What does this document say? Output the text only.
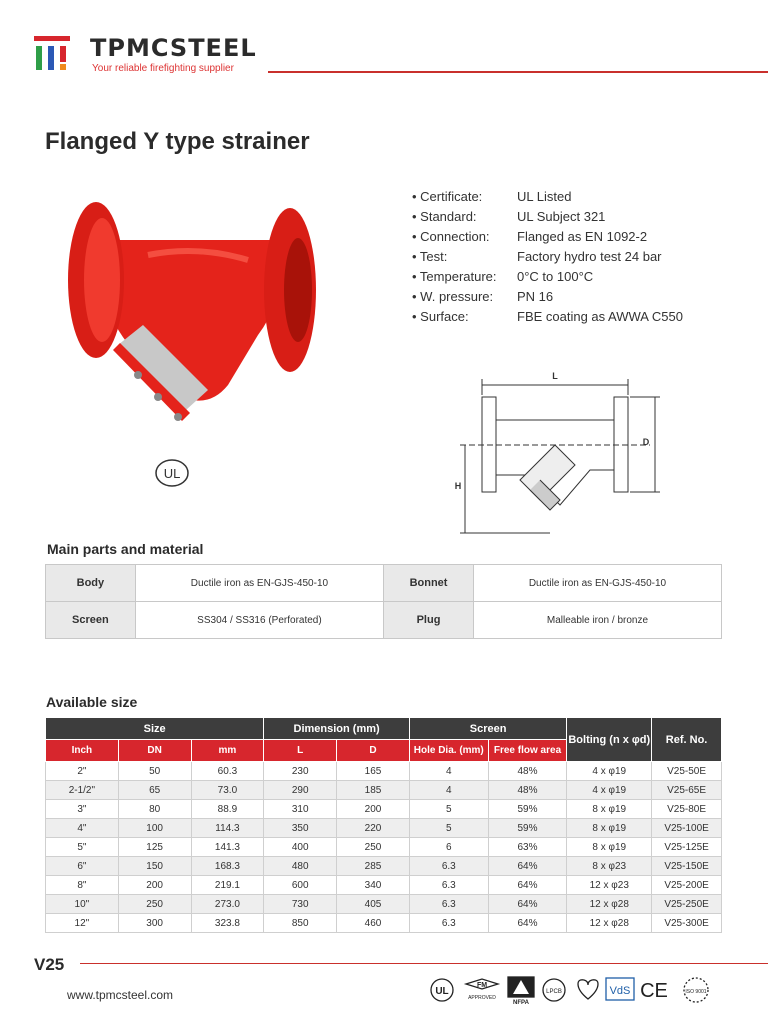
TPMCSTEEL
Your reliable firefighting supplier
Flanged Y type strainer
UL
• Certificate:	UL Listed
• Standard:	UL Subject 321
• Connection:	Flanged as EN 1092-2
• Test:	Factory hydro test 24 bar
• Temperature:	0°C to 100°C
• W. pressure:	PN 16
• Surface:	FBE coating as AWWA C550
L
D
H
Main parts and material
Body	Ductile iron as EN-GJS-450-10	Bonnet	Ductile iron as EN-GJS-450-10
Screen	SS304 / SS316 (Perforated)	Plug	Malleable iron / bronze
Available size
Size			Dimension (mm)		Screen		Bolting (n x φd)	Ref. No.
Inch	DN	mm	L	D	Hole Dia. (mm)	Free flow area		
2"	50	60.3	230	165	4	48%	4 x φ19	V25-50E
2-1/2"	65	73.0	290	185	4	48%	4 x φ19	V25-65E
3"	80	88.9	310	200	5	59%	8 x φ19	V25-80E
4"	100	114.3	350	220	5	59%	8 x φ19	V25-100E
5"	125	141.3	400	250	6	63%	8 x φ19	V25-125E
6"	150	168.3	480	285	6.3	64%	8 x φ23	V25-150E
8"	200	219.1	600	340	6.3	64%	12 x φ23	V25-200E
10"	250	273.0	730	405	6.3	64%	12 x φ28	V25-250E
12"	300	323.8	850	460	6.3	64%	12 x φ28	V25-300E
V25
www.tpmcsteel.com	UL
FM
APPROVED
NFPA
LPCB	VdS CE	ISO 9001
